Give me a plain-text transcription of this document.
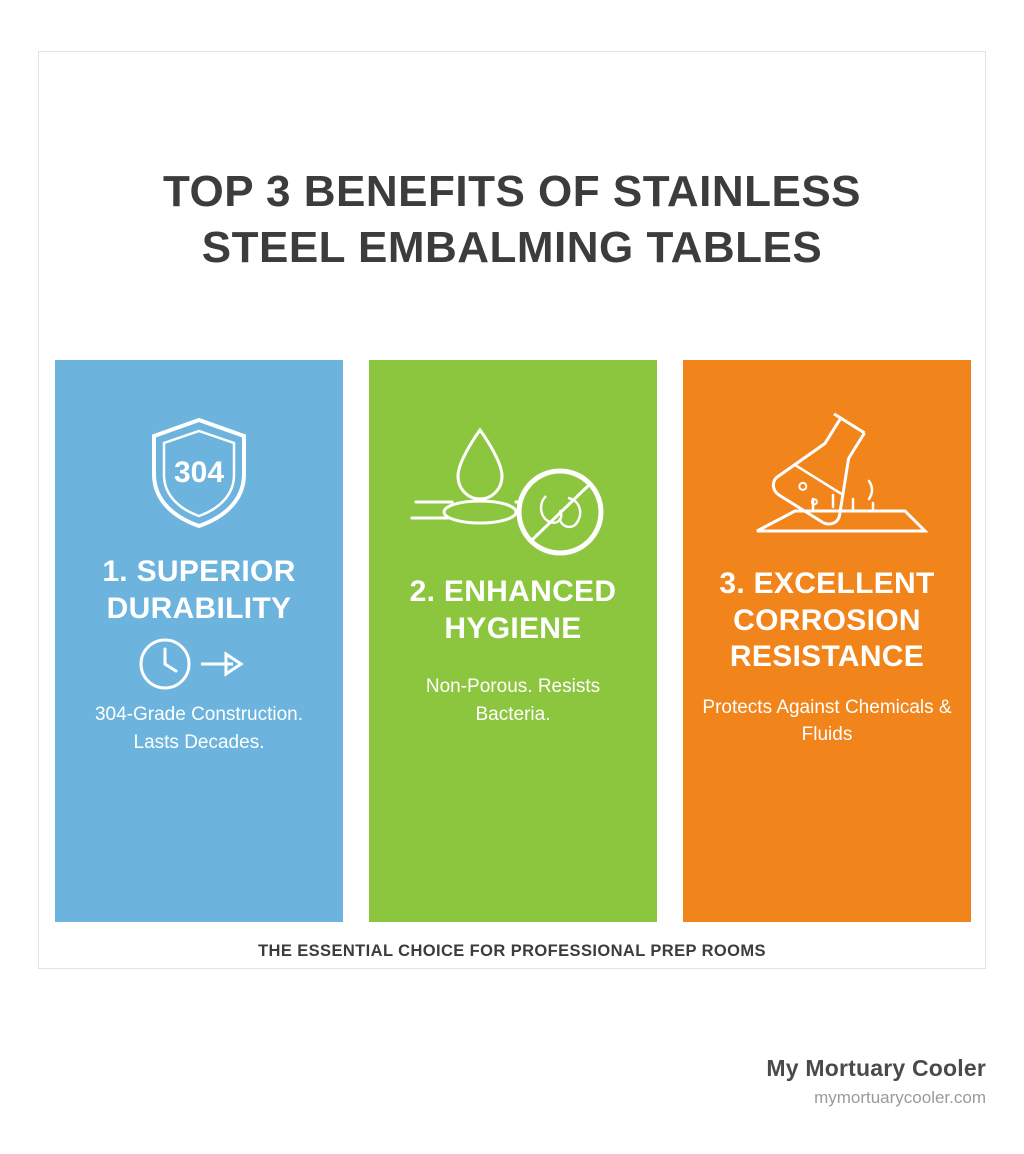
TOP 3 BENEFITS OF STAINLESS STEEL EMBALMING TABLES
304
1. SUPERIOR DURABILITY

304-Grade Construction. Lasts Decades.

2. ENHANCED HYGIENE

Non-Porous. Resists Bacteria.

3. EXCELLENT CORROSION RESISTANCE

Protects Against Chemicals & Fluids

THE ESSENTIAL CHOICE FOR PROFESSIONAL PREP ROOMS
My Mortuary Cooler
mymortuarycooler.com
